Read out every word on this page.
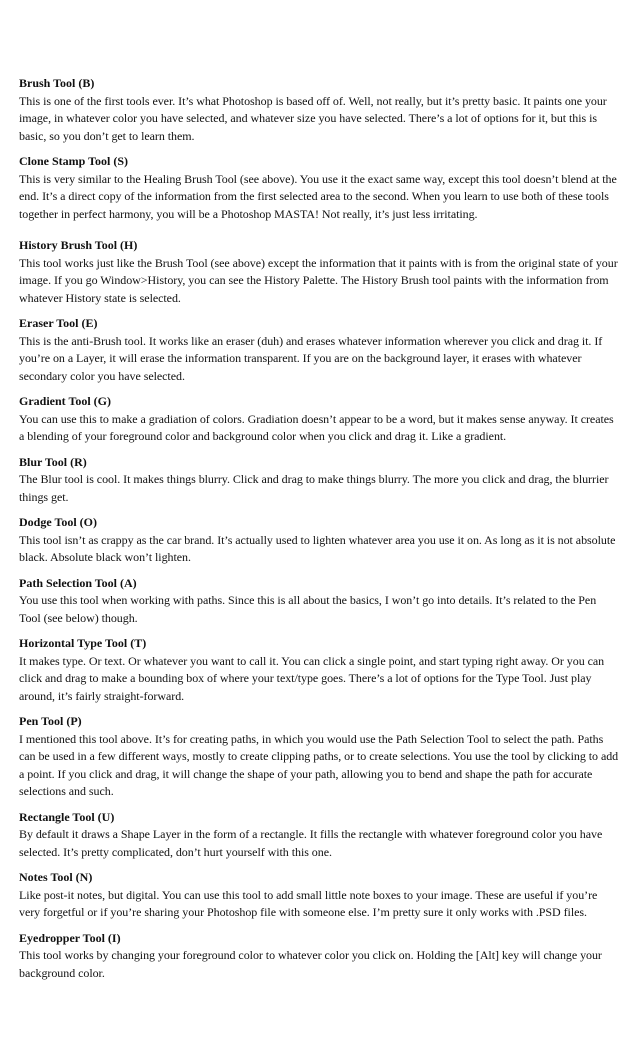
Brush Tool (B)
This is one of the first tools ever. It’s what Photoshop is based off of. Well, not really, but it’s pretty basic. It paints one your image, in whatever color you have selected, and whatever size you have selected. There’s a lot of options for it, but this is basic, so you don’t get to learn them.
Clone Stamp Tool (S)
This is very similar to the Healing Brush Tool (see above). You use it the exact same way, except this tool doesn’t blend at the end. It’s a direct copy of the information from the first selected area to the second. When you learn to use both of these tools together in perfect harmony, you will be a Photoshop MASTA! Not really, it’s just less irritating.
History Brush Tool (H)
This tool works just like the Brush Tool (see above) except the information that it paints with is from the original state of your image. If you go Window>History, you can see the History Palette. The History Brush tool paints with the information from whatever History state is selected.
Eraser Tool (E)
This is the anti-Brush tool. It works like an eraser (duh) and erases whatever information wherever you click and drag it. If you’re on a Layer, it will erase the information transparent. If you are on the background layer, it erases with whatever secondary color you have selected.
Gradient Tool (G)
You can use this to make a gradiation of colors. Gradiation doesn’t appear to be a word, but it makes sense anyway. It creates a blending of your foreground color and background color when you click and drag it. Like a gradient.
Blur Tool (R)
The Blur tool is cool. It makes things blurry. Click and drag to make things blurry. The more you click and drag, the blurrier things get.
Dodge Tool (O)
This tool isn’t as crappy as the car brand. It’s actually used to lighten whatever area you use it on. As long as it is not absolute black. Absolute black won’t lighten.
Path Selection Tool (A)
You use this tool when working with paths. Since this is all about the basics, I won’t go into details. It’s related to the Pen Tool (see below) though.
Horizontal Type Tool (T)
It makes type. Or text. Or whatever you want to call it. You can click a single point, and start typing right away. Or you can click and drag to make a bounding box of where your text/type goes. There’s a lot of options for the Type Tool. Just play around, it’s fairly straight-forward.
Pen Tool (P)
I mentioned this tool above. It’s for creating paths, in which you would use the Path Selection Tool to select the path. Paths can be used in a few different ways, mostly to create clipping paths, or to create selections. You use the tool by clicking to add a point. If you click and drag, it will change the shape of your path, allowing you to bend and shape the path for accurate selections and such.
Rectangle Tool (U)
By default it draws a Shape Layer in the form of a rectangle. It fills the rectangle with whatever foreground color you have selected. It’s pretty complicated, don’t hurt yourself with this one.
Notes Tool (N)
Like post-it notes, but digital. You can use this tool to add small little note boxes to your image. These are useful if you’re very forgetful or if you’re sharing your Photoshop file with someone else. I’m pretty sure it only works with .PSD files.
Eyedropper Tool (I)
This tool works by changing your foreground color to whatever color you click on. Holding the [Alt] key will change your background color.
